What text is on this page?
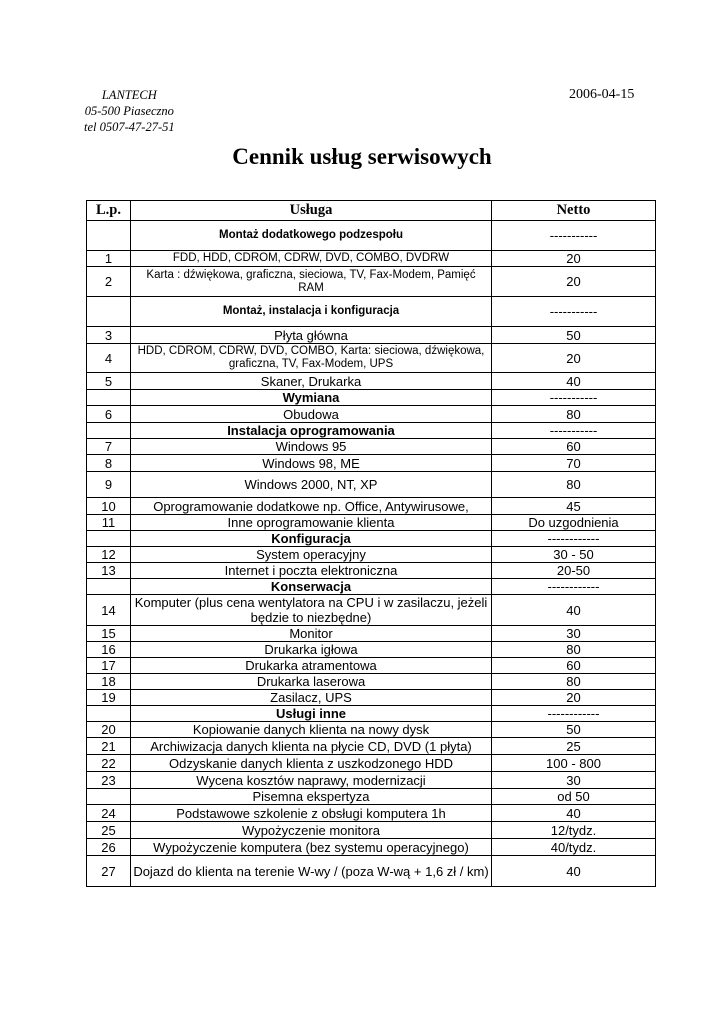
LANTECH
05-500 Piaseczno
tel 0507-47-27-51
2006-04-15
Cennik usług serwisowych
L.p.	Usługa	Netto
	Montaż dodatkowego podzespołu	-----------
1	FDD, HDD, CDROM, CDRW, DVD, COMBO, DVDRW	20
2	Karta : dźwiękowa, graficzna, sieciowa, TV, Fax-Modem, Pamięć RAM	20
	Montaż, instalacja i konfiguracja	-----------
3	Płyta główna	50
4	HDD, CDROM, CDRW, DVD, COMBO, Karta: sieciowa, dźwiękowa, graficzna, TV, Fax-Modem, UPS	20
5	Skaner, Drukarka	40
	Wymiana	-----------
6	Obudowa	80
	Instalacja oprogramowania	-----------
7	Windows 95	60
8	Windows 98, ME	70
9	Windows 2000, NT, XP	80
10	Oprogramowanie dodatkowe np. Office, Antywirusowe,	45
11	Inne oprogramowanie klienta	Do uzgodnienia
	Konfiguracja	------------
12	System operacyjny	30 - 50
13	Internet i poczta elektroniczna	20-50
	Konserwacja	------------
14	Komputer (plus cena wentylatora na CPU i w zasilaczu, jeżeli będzie to niezbędne)	40
15	Monitor	30
16	Drukarka igłowa	80
17	Drukarka atramentowa	60
18	Drukarka laserowa	80
19	Zasilacz, UPS	20
	Usługi inne	------------
20	Kopiowanie danych klienta na nowy dysk	50
21	Archiwizacja danych klienta na płycie CD, DVD (1 płyta)	25
22	Odzyskanie danych klienta z uszkodzonego HDD	100 - 800
23	Wycena kosztów naprawy, modernizacji	30
	Pisemna ekspertyza	od 50
24	Podstawowe szkolenie z obsługi komputera 1h	40
25	Wypożyczenie monitora	12/tydz.
26	Wypożyczenie komputera (bez systemu operacyjnego)	40/tydz.
27	Dojazd do klienta na terenie W-wy / (poza W-wą + 1,6 zł / km)	40
